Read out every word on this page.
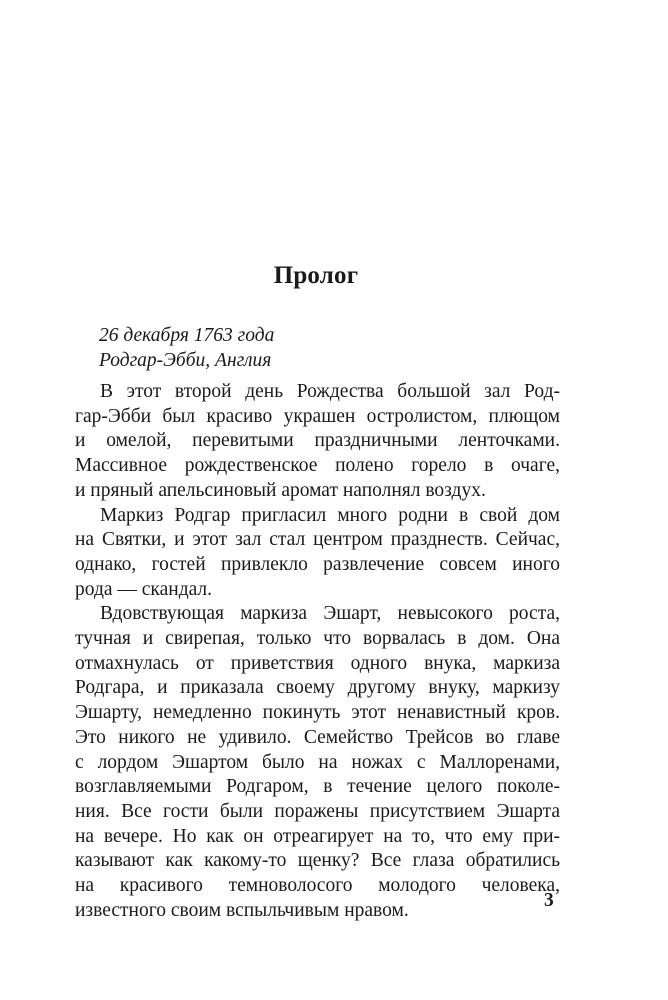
Пролог
26 декабря 1763 года
Родгар-Эбби, Англия
В этот второй день Рождества большой зал Род-
гар-Эбби был красиво украшен остролистом, плющом
и омелой, перевитыми праздничными ленточками.
Массивное рождественское полено горело в очаге,
и пряный апельсиновый аромат наполнял воздух.
Маркиз Родгар пригласил много родни в свой дом
на Святки, и этот зал стал центром празднеств. Сейчас,
однако, гостей привлекло развлечение совсем иного
рода — скандал.
Вдовствующая маркиза Эшарт, невысокого роста,
тучная и свирепая, только что ворвалась в дом. Она
отмахнулась от приветствия одного внука, маркиза
Родгара, и приказала своему другому внуку, маркизу
Эшарту, немедленно покинуть этот ненавистный кров.
Это никого не удивило. Семейство Трейсов во главе
с лордом Эшартом было на ножах с Маллоренами,
возглавляемыми Родгаром, в течение целого поколе-
ния. Все гости были поражены присутствием Эшарта
на вечере. Но как он отреагирует на то, что ему при-
казывают как какому-то щенку? Все глаза обратились
на красивого темноволосого молодого человека,
известного своим вспыльчивым нравом.	3
